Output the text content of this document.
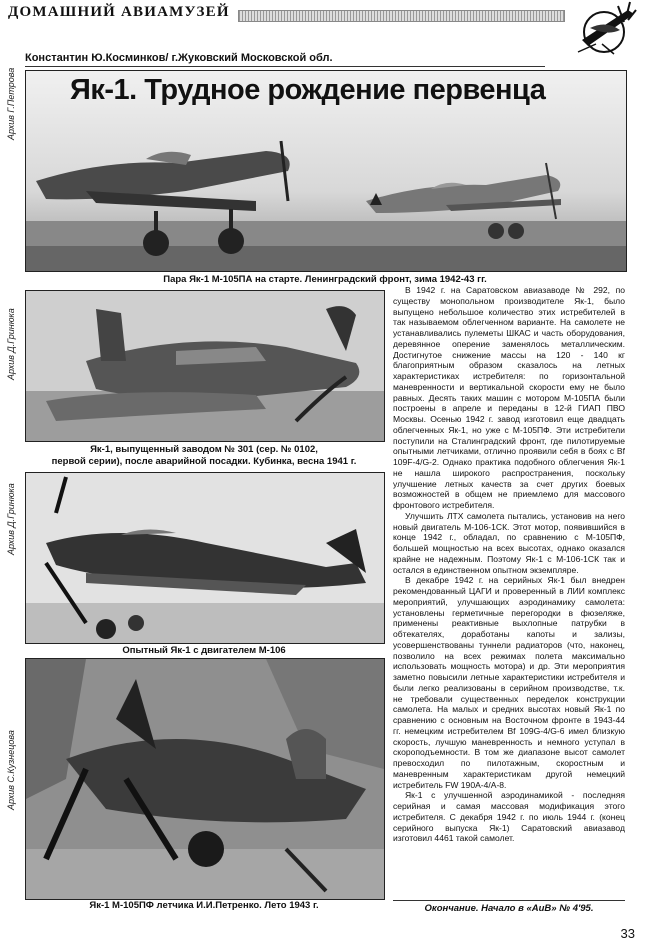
ДОМАШНИЙ АВИАМУЗЕЙ
Константин Ю.Косминков/ г.Жуковский Московской обл.
Як-1. Трудное рождение первенца
Архив Г.Петрова
Пара Як-1 М-105ПА на старте. Ленинградский фронт, зима 1942-43 гг.
Архив Д.Гринюка
Як-1, выпущенный заводом № 301 (сер. № 0102,
первой серии), после аварийной посадки. Кубинка, весна 1941 г.
Архив Д.Гринюка
Опытный Як-1 с двигателем М-106
Архив С.Кузнецова
Як-1 М-105ПФ летчика И.И.Петренко. Лето 1943 г.

В 1942 г. на Саратовском авиазаводе № 292, по существу монопольном производителе Як-1, было выпущено небольшое количество этих истребителей в так называемом облегченном варианте. На самолете не устанавливались пулеметы ШКАС и часть оборудования, деревянное оперение заменялось металлическим. Достигнутое снижение массы на 120 - 140 кг благоприятным образом сказалось на летных характеристиках истребителя: по горизонтальной маневренности и вертикальной скорости ему не было равных. Десять таких машин с мотором М-105ПА были построены в апреле и переданы в 12-й ГИАП ПВО Москвы. Осенью 1942 г. завод изготовил еще двадцать облегченных Як-1, но уже с М-105ПФ. Эти истребители поступили на Сталинградский фронт, где пилотируемые опытными летчиками, отлично проявили себя в боях с Bf 109F-4/G-2. Однако практика подобного облегчения Як-1 не нашла широкого распространения, поскольку улучшение летных качеств за счет других боевых возможностей в общем не приемлемо для массового фронтового истребителя.

Улучшить ЛТХ самолета пытались, установив на него новый двигатель М-106-1СК. Этот мотор, появившийся в конце 1942 г., обладал, по сравнению с М-105ПФ, большей мощностью на всех высотах, однако оказался крайне не надежным. Поэтому Як-1 с М-106-1СК так и остался в единственном опытном экземпляре.

В декабре 1942 г. на серийных Як-1 был внедрен рекомендованный ЦАГИ и проверенный в ЛИИ комплекс мероприятий, улучшающих аэродинамику самолета: установлены герметичные перегородки в фюзеляже, применены реактивные выхлопные патрубки в обтекателях, доработаны капоты и зализы, усовершенствованы туннели радиаторов (что, наконец, позволило на всех режимах полета максимально использовать мощность мотора) и др. Эти мероприятия заметно повысили летные характеристики истребителя и были легко реализованы в серийном производстве, т.к. не требовали существенных переделок конструкции самолета. На малых и средних высотах новый Як-1 по сравнению с основным на Восточном фронте в 1943-44 гг. немецким истребителем Bf 109G-4/G-6 имел близкую скорость, лучшую маневренность и немного уступал в скороподъемности. В том же диапазоне высот самолет превосходил по пилотажным, скоростным и маневренным характеристикам другой немецкий истребитель FW 190А-4/А-8.

Як-1 с улучшенной аэродинамикой - последняя серийная и самая массовая модификация этого истребителя. С декабря 1942 г. по июль 1944 г. (конец серийного выпуска Як-1) Саратовский авиазавод изготовил 4461 такой самолет.

Окончание. Начало в «АиВ» № 4'95.
33
